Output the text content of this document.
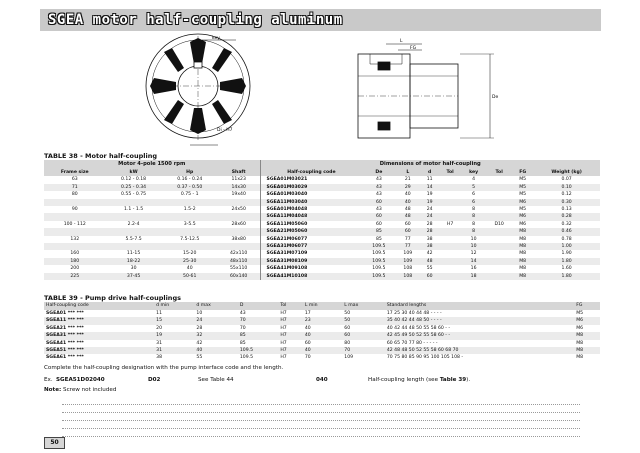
SGEA motor half-coupling aluminum
key
Di - H7
L
FG
De
TABLE 38 - Motor half-coupling
Motor 4-pole 1500 rpm				Dimensions of motor half-coupling								
Frame size	kW	Hp	Shaft	Half-coupling code	De	L	d	Tol	key	Tol	FG	Weight (kg)
63	0.12 - 0.18	0.16 - 0.24	11x23	SGEA01M03021	43	21	11		4		M5	0.07
71	0.25 - 0.34	0.37 - 0.50	14x30	SGEA01M03029	43	29	14		5		M5	0.10
80	0.55 - 0.75	0.75 - 1	19x40	SGEA01M03040	43	40	19		6		M5	0.12
				SGEA11M03040	60	40	19		6		M6	0.30
90	1.1 - 1.5	1.5-2	24x50	SGEA01M04048	43	48	24		8		M5	0.13
				SGEA11M04048	60	48	24		8		M6	0.28
100 - 112	2.2-4	3-5.5	28x60	SGEA11M05060	60	60	28	H7	8	D10	M6	0.32
				SGEA21M05060	85	60	28		8		M8	0.46
132	5.5-7.5	7.5-12.5	38x80	SGEA21M06077	85	77	38		10		M8	0.78
				SGEA31M06077	109.5	77	38		10		M8	1.00
160	11-15	15-20	42x110	SGEA31M07109	109.5	109	42		12		M8	1.90
180	18-22	25-30	48x110	SGEA31M08109	109.5	109	48		14		M8	1.80
200	30	40	55x110	SGEA41M09108	109.5	108	55		16		M8	1.60
225	37-45	50-61	60x140	SGEA41M10108	109.5	108	60		18		M8	1.80
TABLE 39 - Pump drive half-couplings
Half-coupling code	d min	d max	D	Tol	L min	L max	Standard lengths	FG
SGEA01 *** ***	11	10	43	H7	17	50	17 25 30 40 44 48 - - - -	M5
SGEA11 *** ***	15	24	70	H7	23	50	35 40 42 44 48 50 - - - -	M6
SGEA21 *** ***	20	28	70	H7	40	60	40 42 44 48 50 55 58 60 - -	M6
SGEA31 *** ***	19	32	85	H7	40	60	42 45 49 50 52 55 58 60 - -	M8
SGEA41 *** ***	31	42	85	H7	60	80	60 65 70 77 80 - - - - -	M8
SGEA51 *** ***	31	40	109.5	H7	40	70	42 48 48 50 52 55 58 60 68 70	M8
SGEA61 *** ***	38	55	109.5	H7	70	109	70 75 80 85 90 95 100 105 108 -	M8
Complete the half-coupling designation with the pump interface code and the length.
Ex. SGEA51D02040	D02	See Table 44	040	Half-coupling length (see Table 39).
Note: Screw not included
50
